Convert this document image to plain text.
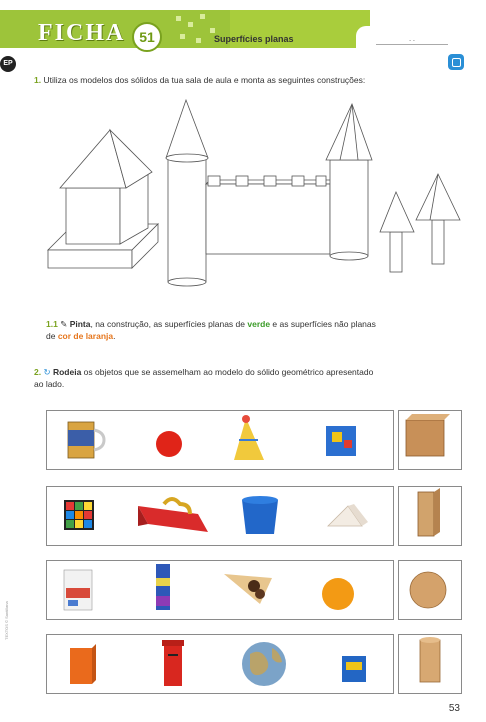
FICHA 51	Superfícies planas	- -
EP
1. Utiliza os modelos dos sólidos da tua sala de aula e monta as seguintes construções:
1.1 ✎ Pinta, na construção, as superfícies planas de verde e as superfícies não planas
de cor de laranja.
2. ↻ Rodeia os objetos que se assemelham ao modelo do sólido geométrico apresentado
ao lado.
TEXTOS © Santillana
53
